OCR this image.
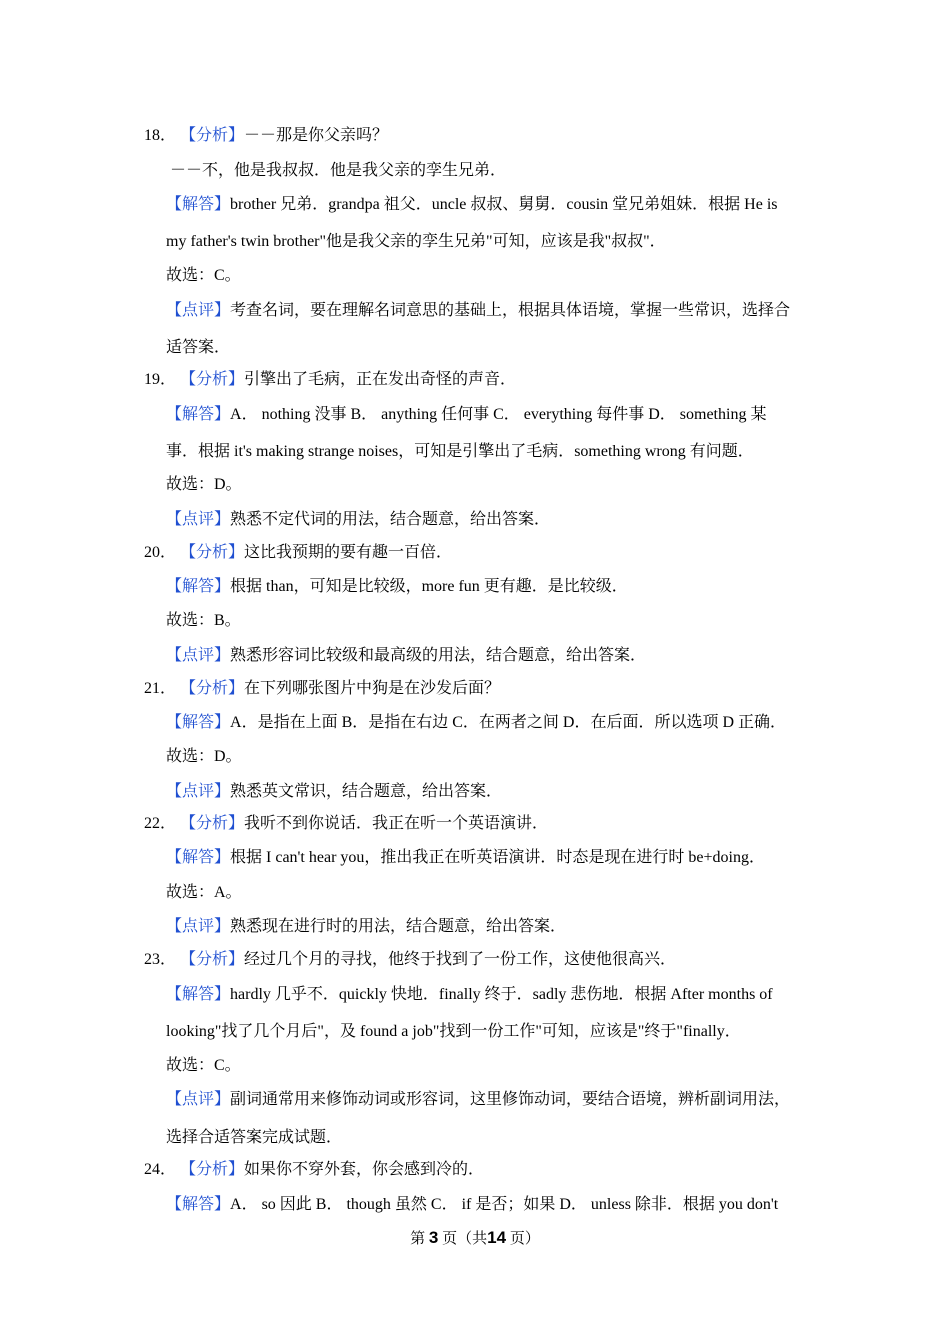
18． 【分析】－－那是你父亲吗？
－－不，他是我叔叔．他是我父亲的孪生兄弟．
【解答】brother 兄弟．grandpa 祖父．uncle 叔叔、舅舅．cousin 堂兄弟姐妹．根据 He is
my father's twin brother"他是我父亲的孪生兄弟"可知，应该是我"叔叔"．
故选：C。
【点评】考查名词，要在理解名词意思的基础上，根据具体语境，掌握一些常识，选择合
适答案．
19． 【分析】引擎出了毛病，正在发出奇怪的声音．
【解答】A． nothing 没事 B． anything 任何事 C． everything 每件事 D． something 某
事．根据 it's making strange noises，可知是引擎出了毛病．something wrong 有问题．
故选：D。
【点评】熟悉不定代词的用法，结合题意，给出答案．
20． 【分析】这比我预期的要有趣一百倍．
【解答】根据 than，可知是比较级，more fun 更有趣．是比较级．
故选：B。
【点评】熟悉形容词比较级和最高级的用法，结合题意，给出答案．
21． 【分析】在下列哪张图片中狗是在沙发后面？
【解答】A．是指在上面 B．是指在右边 C．在两者之间 D．在后面．所以选项 D 正确．
故选：D。
【点评】熟悉英文常识，结合题意，给出答案．
22． 【分析】我听不到你说话．我正在听一个英语演讲．
【解答】根据 I can't hear you，推出我正在听英语演讲．时态是现在进行时 be+doing．
故选：A。
【点评】熟悉现在进行时的用法，结合题意，给出答案．
23． 【分析】经过几个月的寻找，他终于找到了一份工作，这使他很高兴．
【解答】hardly 几乎不．quickly 快地．finally 终于．sadly 悲伤地．根据 After months of
looking"找了几个月后"，及 found a job"找到一份工作"可知，应该是"终于"finally．
故选：C。
【点评】副词通常用来修饰动词或形容词，这里修饰动词，要结合语境，辨析副词用法，
选择合适答案完成试题．
24． 【分析】如果你不穿外套，你会感到冷的．
【解答】A． so 因此 B． though 虽然 C． if 是否；如果 D． unless 除非．根据 you don't
第 3 页（共14 页）
